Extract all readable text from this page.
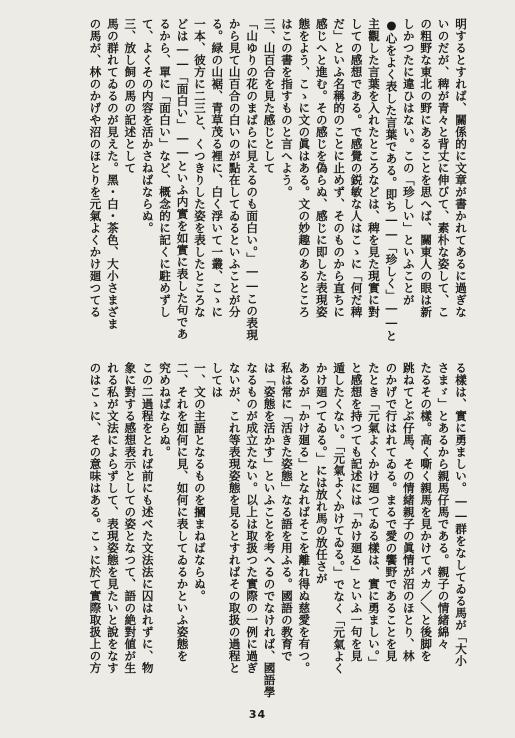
明するとすれば、關係的に文章が書かれてあるに過ぎな
いのだが、稗が青々と背丈に伸びて、素朴な姿して、こ
の粗野な東北の野にあることを思へば、關東人の眼は新
しかつたに違ひはない。この「珍しい」といふことが
●心をよく表した言葉である。即ち――「珍しく」――と
主觀した言葉を入れたところなどは、稗を見た現實に對
しての感想である。で感覺の鋭敏な人はこゝに「何だ稗
だ」といふ名稱的のことに止めず、そのものから直ちに
感じへと進む。その感じを偽らぬ、感じに即した表現姿
態をよう、こゝに文の眞はある。文の妙趣のあるところ
はこの書を指すものと言へよう。
三、山百合を見た感じとして
「山ゆりの花のまばらに見えるのも面白い。」――この表現
から見て山百合の白いのが點在してゐるといふことが分
る。緑の山裾、青草茂る裡に、白く浮いて一叢、こゝに
一本、彼方に二三と、くつきりした姿を表したところな
どは――「面白い」――といふ内實を如實に表した句であ
るから、單に「面白い」など、概念的に記くに駐めずし
て、よくその内容を活かさねばならぬ。
三、放し飼の馬の記述として
馬の群れてゐるのが見えた。黑・白・茶色、大小さまざま
の馬が、林のかげや沼のほとりを元氣よくかけ廻つてる
る樣は、實に勇ましい。――群をなしてゐる馬が「大小
さまゞ」とあるから親馬仔馬である。親子の情緒綿々
たるその樣。高く嘶く親馬を見かけてパカ／＼と後脚を
跳ねてとぶ仔馬、その情緒親子の眞情が沼のほとり、林
のかげで行はれてゐる。まるで愛の饗野であることを見
たとき「元氣よくかけ廻つてゐる樣は、實に勇ましい。」
と感想を持つても記述には「かけ廻る」といふ一句を見
遁したくない。「元氣よくかけてゐる。」でなく「元氣よく
かけ廻つてゐる。」には放れ馬の放任さが
あるが「かけ廻る」となればそこを離れ得ぬ慈愛を有つ。
私は常に「活きた姿態」なる語を用ふる。國語の教育で
は「姿態を活かす」といふことを考へるのでなければ、國語學
なるものが成立たない。以上は取扱つた實際の一例に過ぎ
ないが、これ等表現姿態を見るとすればその取扱の過程と
しては
一、文の主語となるものを摑まねばならぬ。
二、それを如何に見、如何に表してゐるかといふ姿態を
究めねばならぬ。
この二過程をとれば前にも述べた文法法に囚はれずに、物
象に對する感想表示としての姿となつて、語の絶對値が生
れる私が文法によらずして、表現姿態を見たいと說をなす
のはこゝに、その意味はある。こゝに於て實際取扱上の方
34
